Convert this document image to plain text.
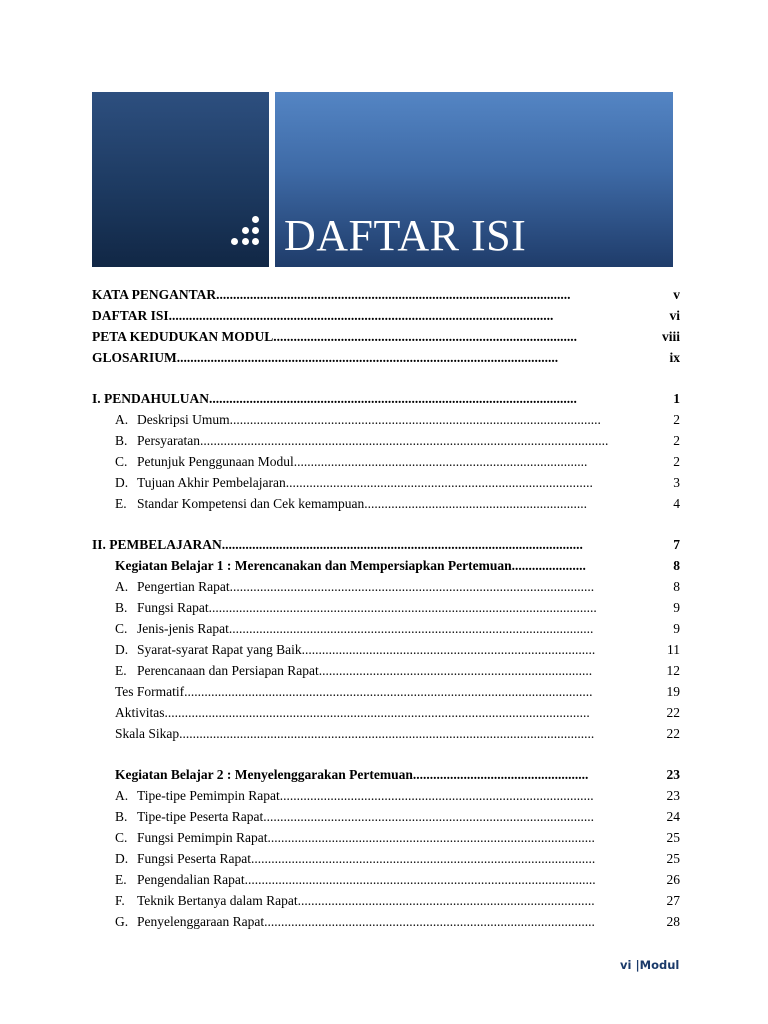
DAFTAR ISI
KATA PENGANTAR.........................................................................................................	v
DAFTAR ISI..................................................................................................................	vi
PETA KEDUDUKAN MODUL..........................................................................................	viii
GLOSARIUM.................................................................................................................	ix
I. PENDAHULUAN.............................................................................................................	1
A. Deskripsi Umum..............................................................................................................	2
B. Persyaratan.........................................................................................................................	2
C. Petunjuk Penggunaan Modul.......................................................................................	2
D. Tujuan Akhir Pembelajaran...........................................................................................	3
E. Standar Kompetensi dan Cek kemampuan..................................................................	4
II. PEMBELAJARAN...........................................................................................................	7
Kegiatan Belajar 1 : Merencanakan dan Mempersiapkan Pertemuan......................	8
A. Pengertian Rapat............................................................................................................	8
B. Fungsi Rapat...................................................................................................................	9
C. Jenis-jenis Rapat............................................................................................................	9
D. Syarat-syarat Rapat yang Baik.......................................................................................	11
E. Perencanaan dan Persiapan Rapat.................................................................................	12
Tes Formatif.........................................................................................................................	19
Aktivitas..............................................................................................................................	22
Skala Sikap...........................................................................................................................	22
Kegiatan Belajar 2 : Menyelenggarakan Pertemuan....................................................	23
A. Tipe-tipe Pemimpin Rapat.............................................................................................	23
B. Tipe-tipe Peserta Rapat..................................................................................................	24
C. Fungsi Pemimpin Rapat.................................................................................................	25
D. Fungsi Peserta Rapat......................................................................................................	25
E. Pengendalian Rapat........................................................................................................	26
F. Teknik Bertanya dalam Rapat........................................................................................	27
G. Penyelenggaraan Rapat..................................................................................................	28
vi |Modul
